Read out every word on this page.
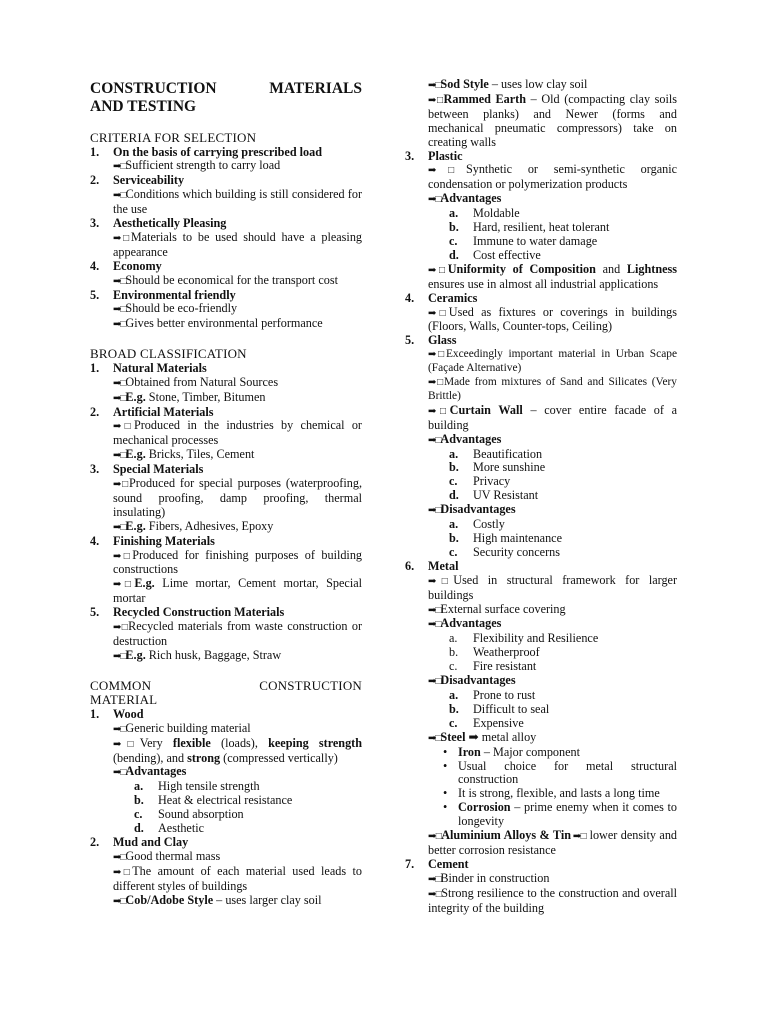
CONSTRUCTION MATERIALS
AND TESTING
CRITERIA FOR SELECTION
1. On the basis of carrying prescribed load
➡□Sufficient strength to carry load
2. Serviceability
➡□Conditions which building is still considered for the use
3. Aesthetically Pleasing
➡□Materials to be used should have a pleasing appearance
4. Economy
➡□Should be economical for the transport cost
5. Environmental friendly
➡□Should be eco-friendly
➡□Gives better environmental performance
BROAD CLASSIFICATION
1. Natural Materials
➡□Obtained from Natural Sources
➡□E.g. Stone, Timber, Bitumen
2. Artificial Materials
➡□Produced in the industries by chemical or mechanical processes
➡□E.g. Bricks, Tiles, Cement
3. Special Materials
➡□Produced for special purposes (waterproofing, sound proofing, damp proofing, thermal insulating)
➡□E.g. Fibers, Adhesives, Epoxy
4. Finishing Materials
➡□Produced for finishing purposes of building constructions
➡□E.g. Lime mortar, Cement mortar, Special mortar
5. Recycled Construction Materials
➡□Recycled materials from waste construction or destruction
➡□E.g. Rich husk, Baggage, Straw
COMMON CONSTRUCTION
MATERIAL
1. Wood
➡□Generic building material
➡□Very flexible (loads), keeping strength (bending), and strong (compressed vertically)
➡□Advantages
a. High tensile strength
b. Heat & electrical resistance
c. Sound absorption
d. Aesthetic
2. Mud and Clay
➡□Good thermal mass
➡□The amount of each material used leads to different styles of buildings
➡□Cob/Adobe Style – uses larger clay soil
➡□Sod Style – uses low clay soil
➡□Rammed Earth – Old (compacting clay soils between planks) and Newer (forms and mechanical pneumatic compressors) take on creating walls
3. Plastic
➡□Synthetic or semi-synthetic organic condensation or polymerization products
➡□Advantages
a. Moldable
b. Hard, resilient, heat tolerant
c. Immune to water damage
d. Cost effective
➡□Uniformity of Composition and Lightness ensures use in almost all industrial applications
4. Ceramics
➡□Used as fixtures or coverings in buildings (Floors, Walls, Counter-tops, Ceiling)
5. Glass
➡□Exceedingly important material in Urban Scape (Façade Alternative)
➡□Made from mixtures of Sand and Silicates (Very Brittle)
➡□Curtain Wall – cover entire facade of a building
➡□Advantages
a. Beautification
b. More sunshine
c. Privacy
d. UV Resistant
➡□Disadvantages
a. Costly
b. High maintenance
c. Security concerns
6. Metal
➡□Used in structural framework for larger buildings
➡□External surface covering
➡□Advantages
a. Flexibility and Resilience
b. Weatherproof
c. Fire resistant
➡□Disadvantages
a. Prone to rust
b. Difficult to seal
c. Expensive
➡□Steel ➡ metal alloy
• Iron – Major component
• Usual choice for metal structural construction
• It is strong, flexible, and lasts a long time
• Corrosion – prime enemy when it comes to longevity
➡□Aluminium Alloys & Tin ➡□ lower density and better corrosion resistance
7. Cement
➡□Binder in construction
➡□Strong resilience to the construction and overall integrity of the building
